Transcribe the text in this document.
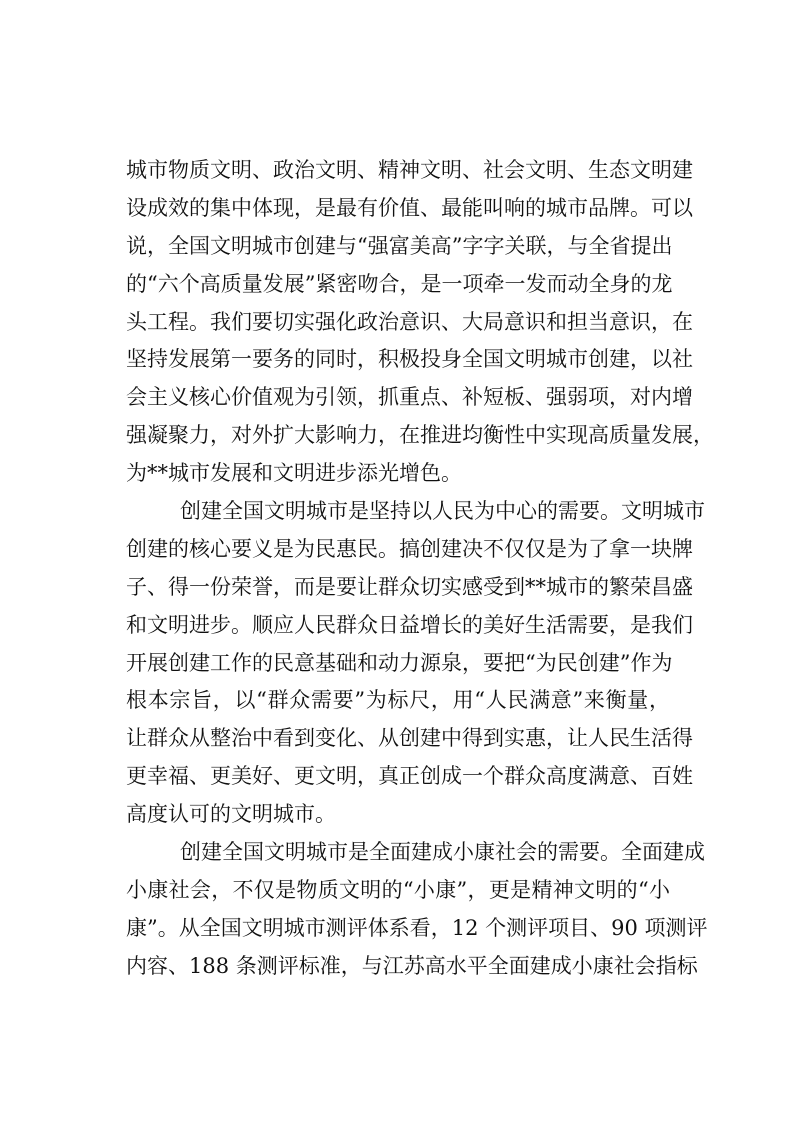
城市物质文明、政治文明、精神文明、社会文明、生态文明建
设成效的集中体现，是最有价值、最能叫响的城市品牌。可以
说，全国文明城市创建与“强富美高”字字关联，与全省提出
的“六个高质量发展”紧密吻合，是一项牵一发而动全身的龙
头工程。我们要切实强化政治意识、大局意识和担当意识，在
坚持发展第一要务的同时，积极投身全国文明城市创建，以社
会主义核心价值观为引领，抓重点、补短板、强弱项，对内增
强凝聚力，对外扩大影响力，在推进均衡性中实现高质量发展，
为**城市发展和文明进步添光增色。
创建全国文明城市是坚持以人民为中心的需要。文明城市
创建的核心要义是为民惠民。搞创建决不仅仅是为了拿一块牌
子、得一份荣誉，而是要让群众切实感受到**城市的繁荣昌盛
和文明进步。顺应人民群众日益增长的美好生活需要，是我们
开展创建工作的民意基础和动力源泉，要把“为民创建”作为
根本宗旨，以“群众需要”为标尺，用“人民满意”来衡量，
让群众从整治中看到变化、从创建中得到实惠，让人民生活得
更幸福、更美好、更文明，真正创成一个群众高度满意、百姓
高度认可的文明城市。
创建全国文明城市是全面建成小康社会的需要。全面建成
小康社会，不仅是物质文明的“小康”，更是精神文明的“小
康”。从全国文明城市测评体系看，12 个测评项目、90 项测评
内容、188 条测评标准，与江苏高水平全面建成小康社会指标
